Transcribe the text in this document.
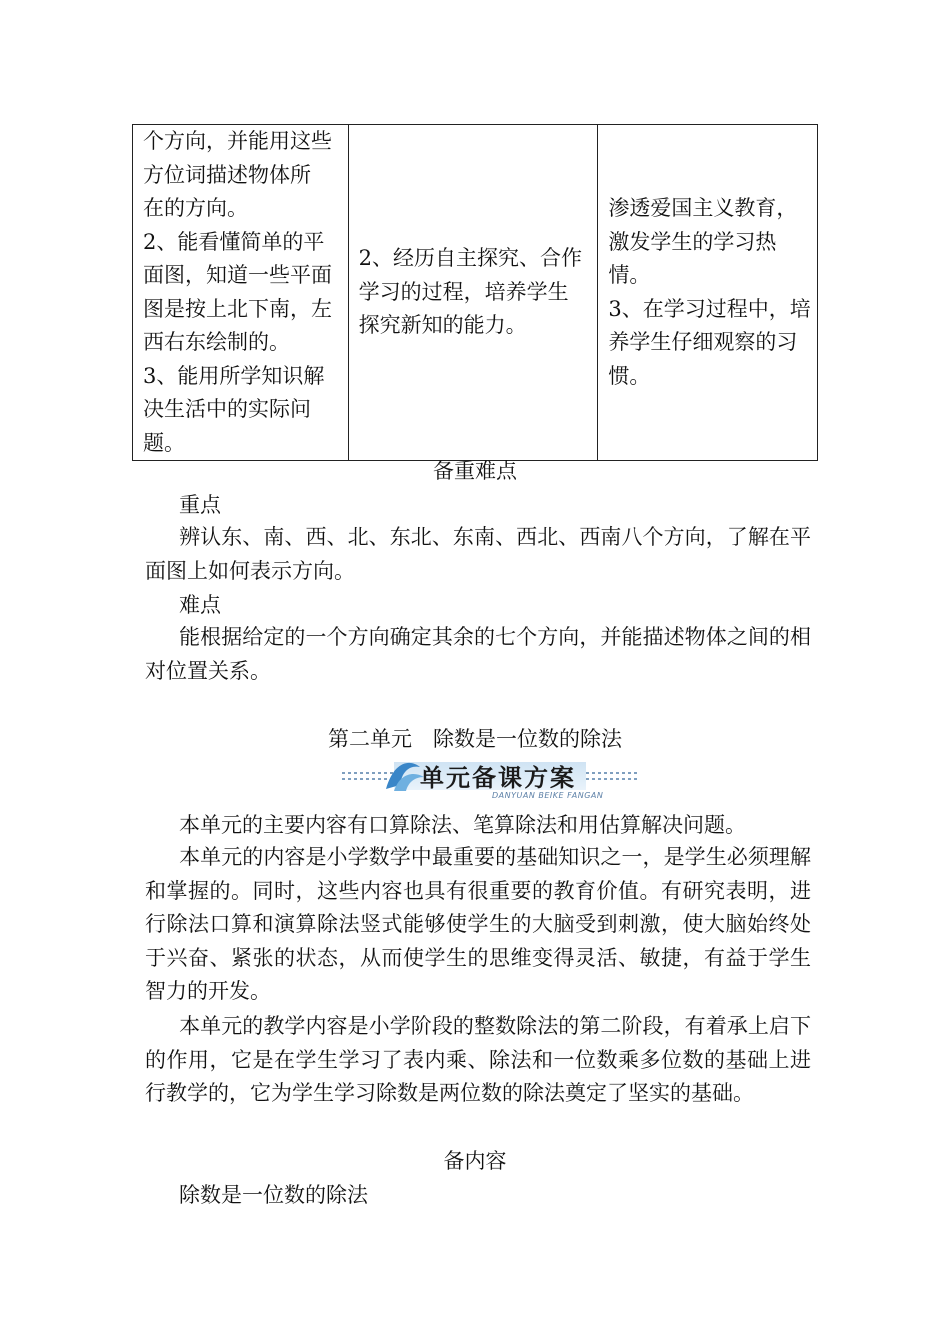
个方向，并能用这些
方位词描述物体所
在的方向。
2、能看懂简单的平
面图，知道一些平面
图是按上北下南，左
西右东绘制的。
3、能用所学知识解
决生活中的实际问
题。

2、经历自主探究、合作
学习的过程，培养学生
探究新知的能力。

渗透爱国主义教育，
激发学生的学习热
情。
3、在学习过程中，培
养学生仔细观察的习
惯。
备重难点
重点
辨认东、南、西、北、东北、东南、西北、西南八个方向，了解在平面图上如何表示方向。
难点
能根据给定的一个方向确定其余的七个方向，并能描述物体之间的相对位置关系。
第二单元　除数是一位数的除法
单元备课方案
DANYUAN BEIKE FANGAN
本单元的主要内容有口算除法、笔算除法和用估算解决问题。
本单元的内容是小学数学中最重要的基础知识之一，是学生必须理解和掌握的。同时，这些内容也具有很重要的教育价值。有研究表明，进行除法口算和演算除法竖式能够使学生的大脑受到刺激，使大脑始终处于兴奋、紧张的状态，从而使学生的思维变得灵活、敏捷，有益于学生智力的开发。
本单元的教学内容是小学阶段的整数除法的第二阶段，有着承上启下的作用，它是在学生学习了表内乘、除法和一位数乘多位数的基础上进行教学的，它为学生学习除数是两位数的除法奠定了坚实的基础。
备内容
除数是一位数的除法
